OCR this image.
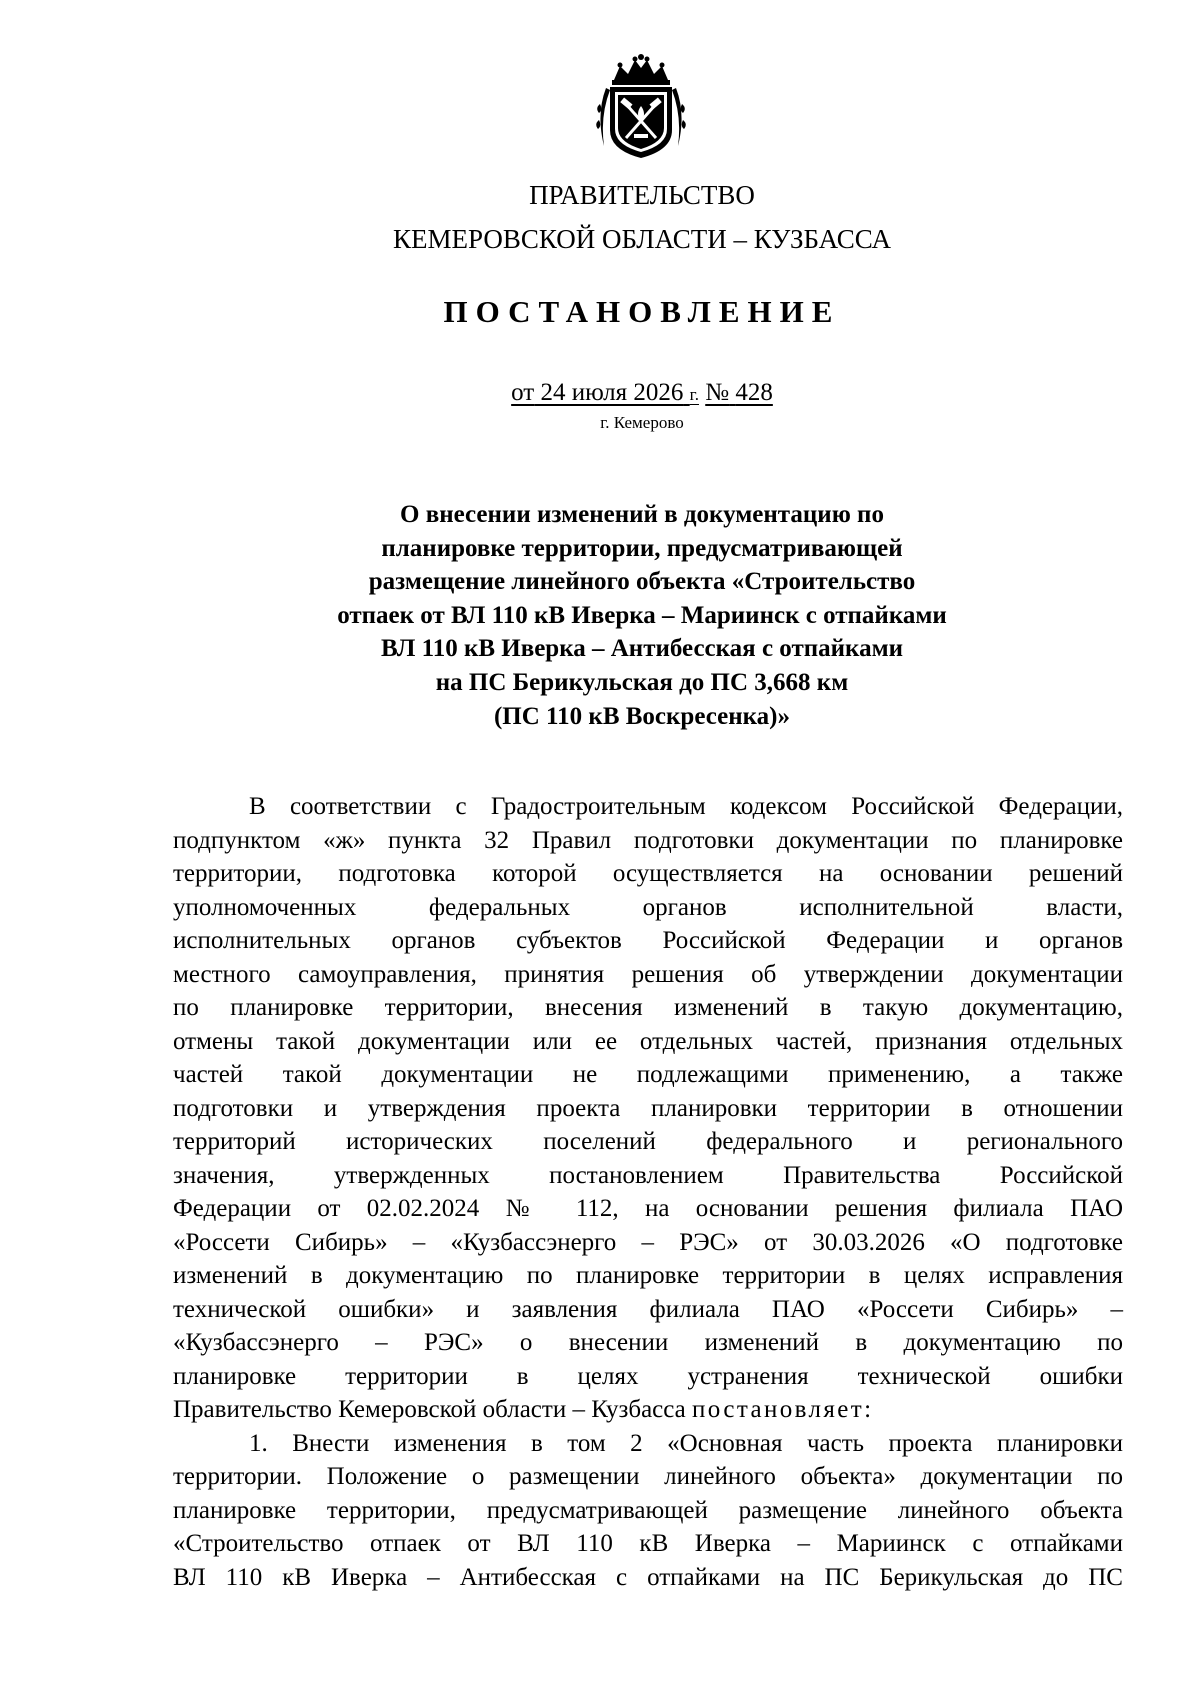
ПРАВИТЕЛЬСТВО
КЕМЕРОВСКОЙ ОБЛАСТИ – КУЗБАССА
ПОСТАНОВЛЕНИЕ
от 24 июля 2026 г. № 428
г. Кемерово
О внесении изменений в документацию по
планировке территории, предусматривающей
размещение линейного объекта «Строительство
отпаек от ВЛ 110 кВ Иверка – Мариинск с отпайками
ВЛ 110 кВ Иверка – Антибесская с отпайками
на ПС Берикульская до ПС 3,668 км
(ПС 110 кВ Воскресенка)»

В соответствии с Градостроительным кодексом Российской Федерации,

подпунктом «ж» пункта 32 Правил подготовки документации по планировке

территории, подготовка которой осуществляется на основании решений

уполномоченных федеральных органов исполнительной власти,

исполнительных органов субъектов Российской Федерации и органов

местного самоуправления, принятия решения об утверждении документации

по планировке территории, внесения изменений в такую документацию,

отмены такой документации или ее отдельных частей, признания отдельных

частей такой документации не подлежащими применению, а также

подготовки и утверждения проекта планировки территории в отношении

территорий исторических поселений федерального и регионального

значения, утвержденных постановлением Правительства Российской

Федерации от 02.02.2024 № 112, на основании решения филиала ПАО

«Россети Сибирь» – «Кузбассэнерго – РЭС» от 30.03.2026 «О подготовке

изменений в документацию по планировке территории в целях исправления

технической ошибки» и заявления филиала ПАО «Россети Сибирь» –

«Кузбассэнерго – РЭС» о внесении изменений в документацию по

планировке территории в целях устранения технической ошибки

Правительство Кемеровской области – Кузбасса постановляет:

1. Внести изменения в том 2 «Основная часть проекта планировки

территории. Положение о размещении линейного объекта» документации по

планировке территории, предусматривающей размещение линейного объекта

«Строительство отпаек от ВЛ 110 кВ Иверка – Мариинск с отпайками

ВЛ 110 кВ Иверка – Антибесская с отпайками на ПС Берикульская до ПС
